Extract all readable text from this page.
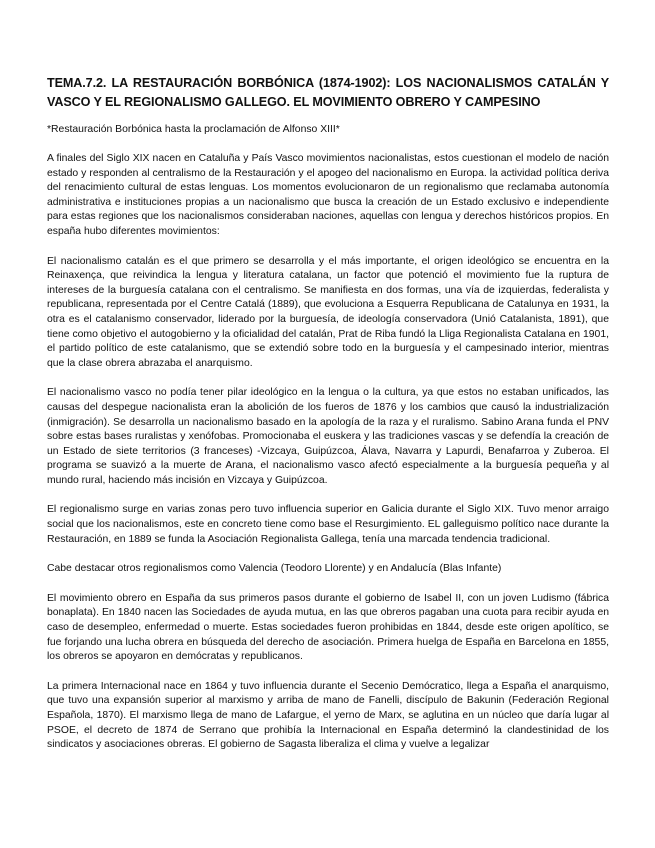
TEMA.7.2. LA RESTAURACIÓN BORBÓNICA (1874-1902): LOS NACIONALISMOS CATALÁN Y VASCO Y EL REGIONALISMO GALLEGO. EL MOVIMIENTO OBRERO Y CAMPESINO

*Restauración Borbónica hasta la proclamación de Alfonso XIII*

A finales del Siglo XIX nacen en Cataluña y País Vasco movimientos nacionalistas, estos cuestionan el modelo de nación estado y responden al centralismo de la Restauración y el apogeo del nacionalismo en Europa. la actividad política deriva del renacimiento cultural de estas lenguas. Los momentos evolucionaron de un regionalismo que reclamaba autonomía administrativa e instituciones propias a un nacionalismo que busca la creación de un Estado exclusivo e independiente para estas regiones que los nacionalismos consideraban naciones, aquellas con lengua y derechos históricos propios. En españa hubo diferentes movimientos:

El nacionalismo catalán es el que primero se desarrolla y el más importante, el origen ideológico se encuentra en la Reinaxença, que reivindica la lengua y literatura catalana, un factor que potenció el movimiento fue la ruptura de intereses de la burguesía catalana con el centralismo. Se manifiesta en dos formas, una vía de izquierdas, federalista y republicana, representada por el Centre Catalá (1889), que evoluciona a Esquerra Republicana de Catalunya en 1931, la otra es el catalanismo conservador, liderado por la burguesía, de ideología conservadora (Unió Catalanista, 1891), que tiene como objetivo el autogobierno y la oficialidad del catalán, Prat de Riba fundó la Lliga Regionalista Catalana en 1901, el partido político de este catalanismo, que se extendió sobre todo en la burguesía y el campesinado interior, mientras que la clase obrera abrazaba el anarquismo.

El nacionalismo vasco no podía tener pilar ideológico en la lengua o la cultura, ya que estos no estaban unificados, las causas del despegue nacionalista eran la abolición de los fueros de 1876 y los cambios que causó la industrialización (inmigración). Se desarrolla un nacionalismo basado en la apología de la raza y el ruralismo. Sabino Arana funda el PNV sobre estas bases ruralistas y xenófobas. Promocionaba el euskera y las tradiciones vascas y se defendía la creación de un Estado de siete territorios (3 franceses) -Vizcaya, Guipúzcoa, Álava, Navarra y Lapurdi, Benafarroa y Zuberoa. El programa se suavizó a la muerte de Arana, el nacionalismo vasco afectó especialmente a la burguesía pequeña y al mundo rural, haciendo más incisión en Vizcaya y Guipúzcoa.

El regionalismo surge en varias zonas pero tuvo influencia superior en Galicia durante el Siglo XIX. Tuvo menor arraigo social que los nacionalismos, este en concreto tiene como base el Resurgimiento. EL galleguismo político nace durante la Restauración, en 1889 se funda la Asociación Regionalista Gallega, tenía una marcada tendencia tradicional.

Cabe destacar otros regionalismos como Valencia (Teodoro Llorente) y en Andalucía (Blas Infante)

El movimiento obrero en España da sus primeros pasos durante el gobierno de Isabel II, con un joven Ludismo (fábrica bonaplata). En 1840 nacen las Sociedades de ayuda mutua, en las que obreros pagaban una cuota para recibir ayuda en caso de desempleo, enfermedad o muerte. Estas sociedades fueron prohibidas en 1844, desde este origen apolítico, se fue forjando una lucha obrera en búsqueda del derecho de asociación. Primera huelga de España en Barcelona en 1855, los obreros se apoyaron en demócratas y republicanos.

La primera Internacional nace en 1864 y tuvo influencia durante el Secenio Demócratico, llega a España el anarquismo, que tuvo una expansión superior al marxismo y arriba de mano de Fanelli, discípulo de Bakunin (Federación Regional Española, 1870). El marxismo llega de mano de Lafargue, el yerno de Marx, se aglutina en un núcleo que daría lugar al PSOE, el decreto de 1874 de Serrano que prohibía la Internacional en España determinó la clandestinidad de los sindicatos y asociaciones obreras. El gobierno de Sagasta liberaliza el clima y vuelve a legalizar
